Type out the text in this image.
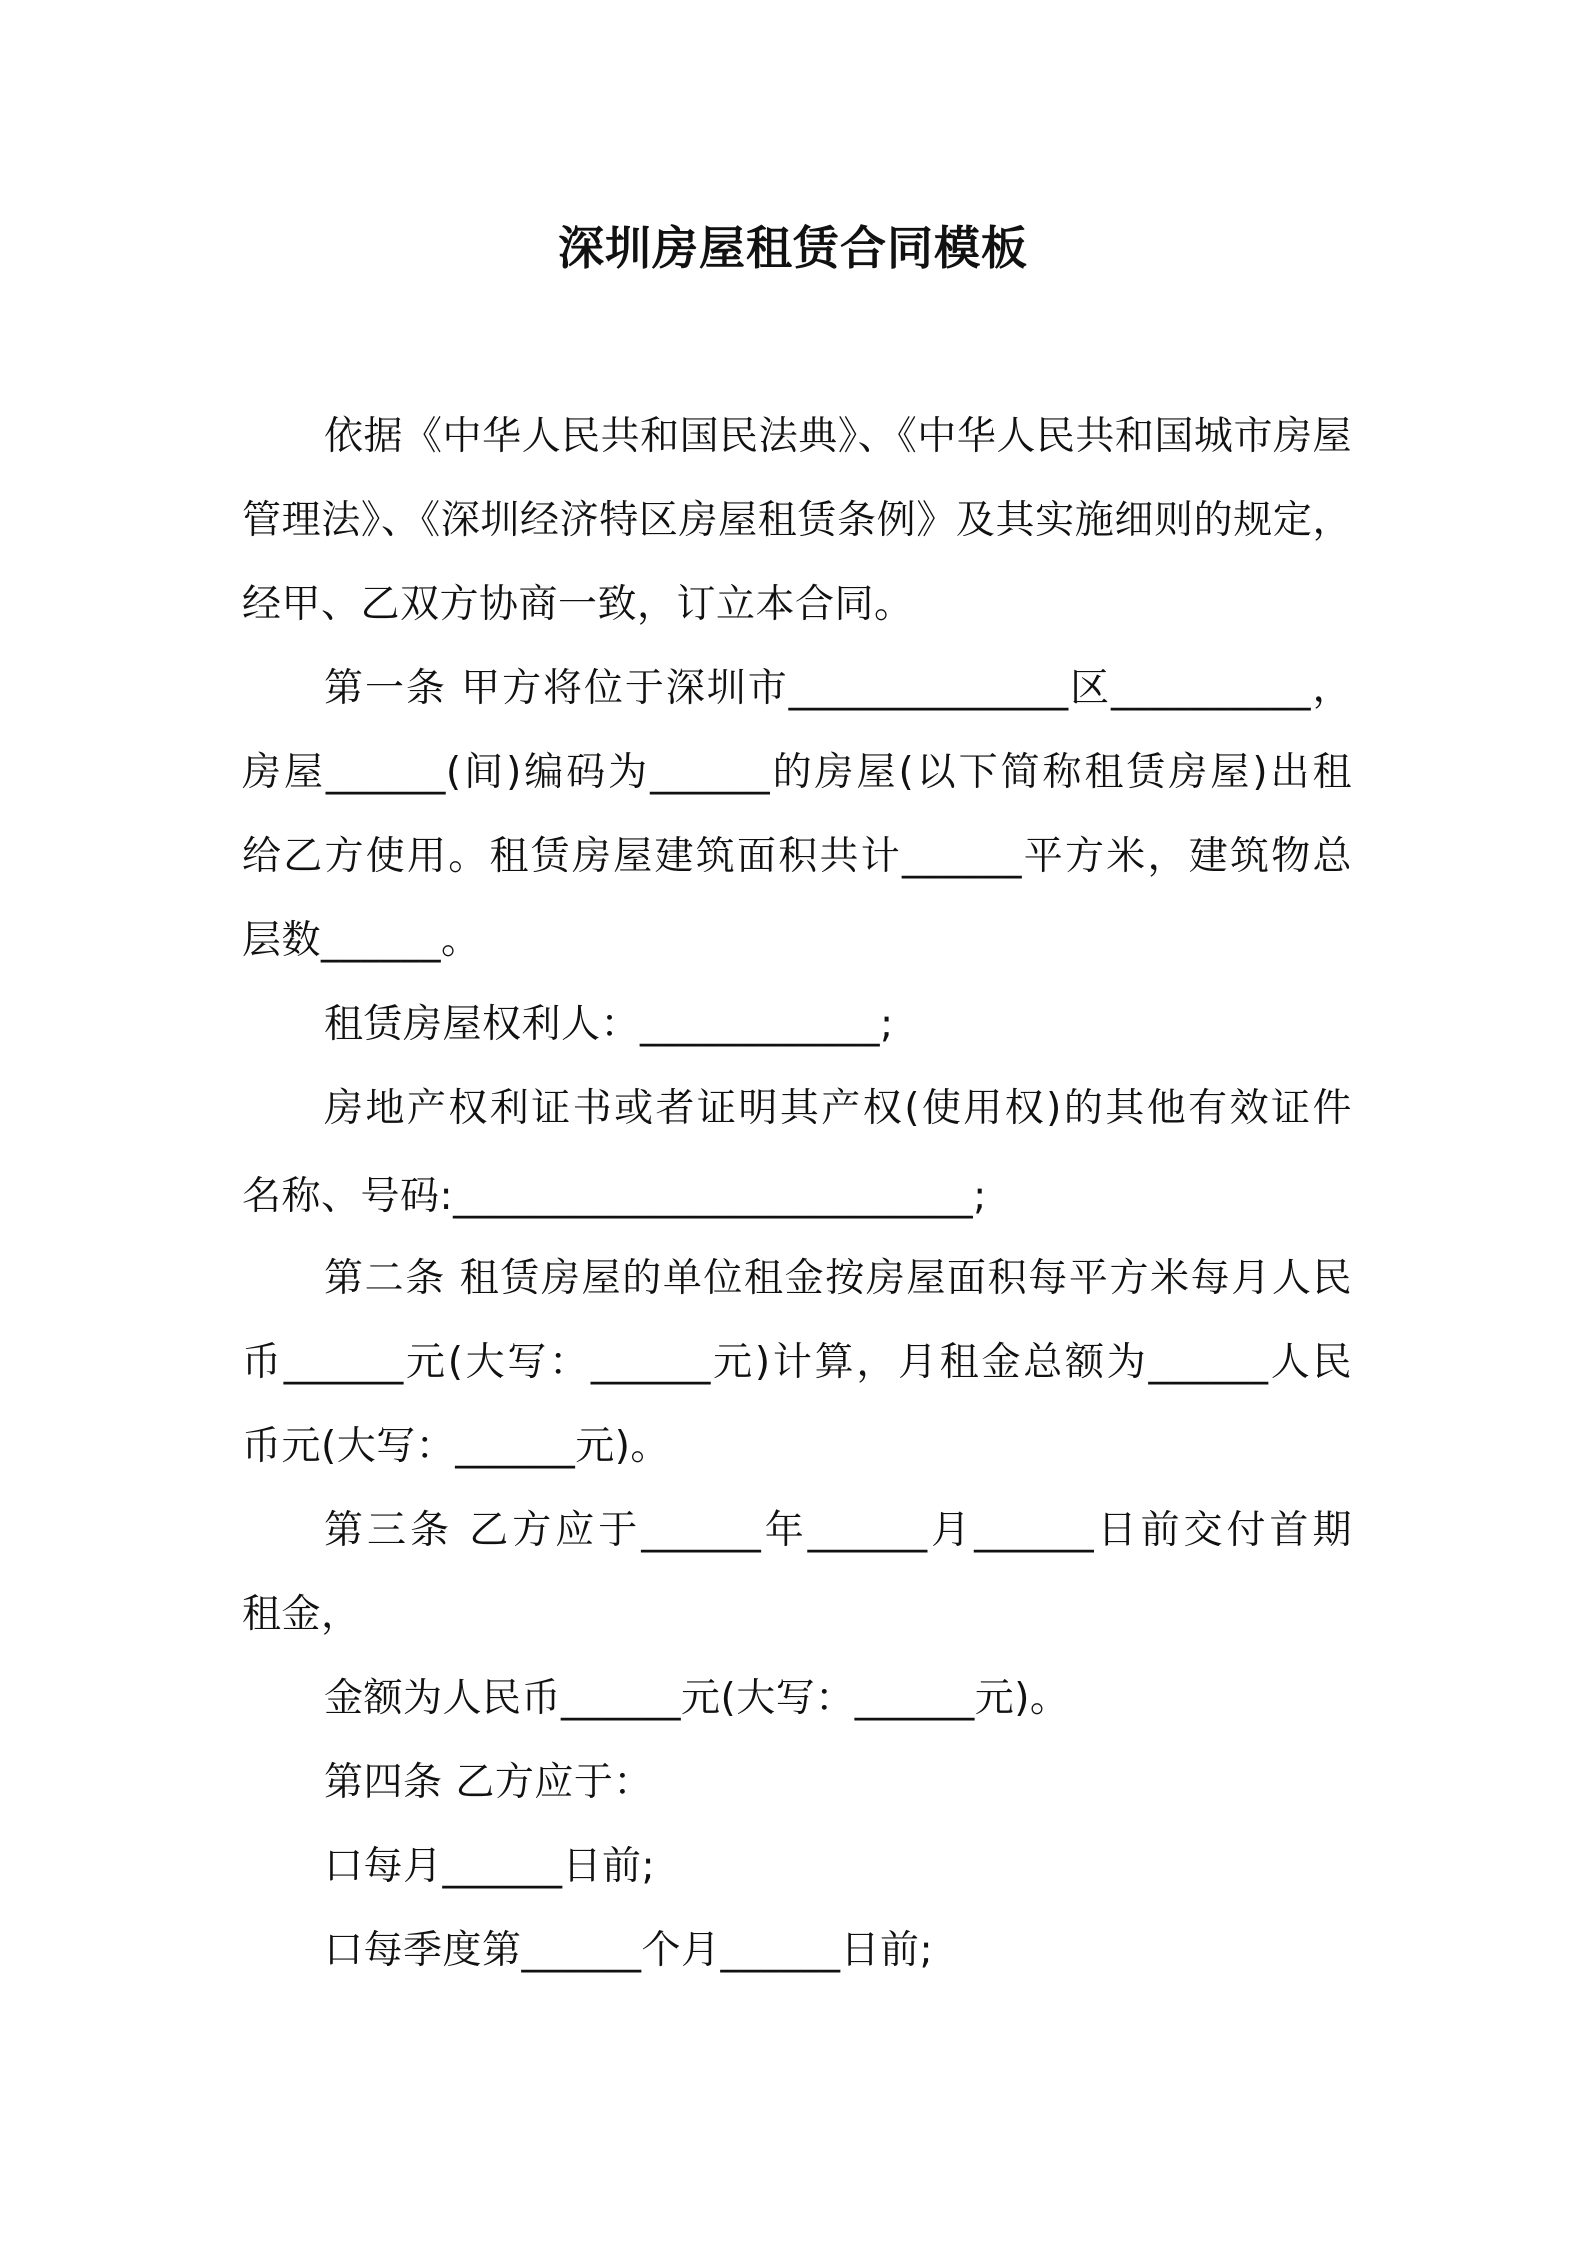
深圳房屋租赁合同模板
依据《中华人民共和国民法典》、《中华人民共和国城市房屋
管理法》、《深圳经济特区房屋租赁条例》及其实施细则的规定，
经甲、乙双方协商一致，订立本合同。
第一条 甲方将位于深圳市______________区__________，
房屋______(间)编码为______的房屋(以下简称租赁房屋)出租
给乙方使用。租赁房屋建筑面积共计______平方米，建筑物总
层数______。
租赁房屋权利人：____________;
房地产权利证书或者证明其产权(使用权)的其他有效证件
名称、号码:__________________________;
第二条 租赁房屋的单位租金按房屋面积每平方米每月人民
币______元(大写：______元)计算，月租金总额为______人民
币元(大写：______元)。
第三条 乙方应于______年______月______日前交付首期
租金，
金额为人民币______元(大写：______元)。
第四条 乙方应于：
口每月______日前;
口每季度第______个月______日前;
